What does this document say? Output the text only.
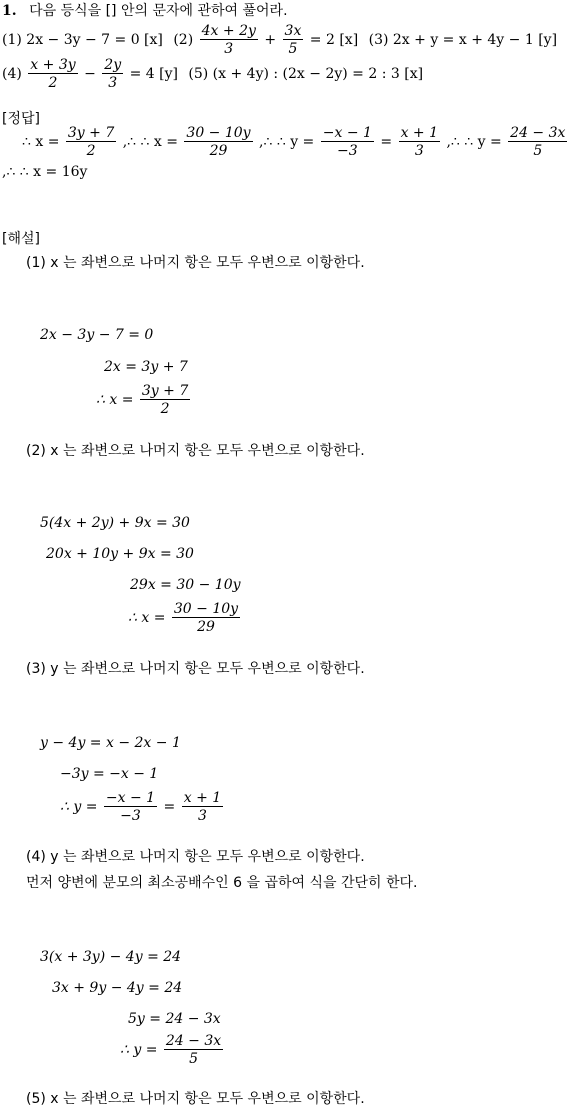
1. 다음 등식을 [] 안의 문자에 관하여 풀어라.
(1) 2x − 3y − 7 = 0 [x] $(2) \frac{4x + 2y}{3} + \frac{3x}{5} = 2$ [x] (3) 2x + y = x + 4y − 1 [y]
$(4) \frac{x + 3y}{2} - \frac{2y}{3} = 4$ [y] (5) (x + 4y) : (2x − 2y) = 2 : 3 [x]
[정답]
∴ $x = \frac{3y + 7}{2}$ ,∴ ∴ $x = \frac{30 - 10y}{29}$ ,∴ ∴ $y = \frac{-x - 1}{-3} = \frac{x + 1}{3}$ ,∴ ∴ $y = \frac{24 - 3x}{5}$
,∴ ∴ x = 16y
[해설]
(1) x 는 좌변으로 나머지 항은 모두 우변으로 이항한다.
2x − 3y − 7 = 0
2x = 3y + 7
∴ $x = \frac{3y + 7}{2}$
(2) x 는 좌변으로 나머지 항은 모두 우변으로 이항한다.
5(4x + 2y) + 9x = 30
20x + 10y + 9x = 30
29x = 30 − 10y
∴ $x = \frac{30 - 10y}{29}$
(3) y 는 좌변으로 나머지 항은 모두 우변으로 이항한다.
y − 4y = x − 2x − 1
−3y = −x − 1
∴ $y = \frac{-x - 1}{-3} = \frac{x + 1}{3}$
(4) y 는 좌변으로 나머지 항은 모두 우변으로 이항한다.
먼저 양변에 분모의 최소공배수인 6 을 곱하여 식을 간단히 한다.
3(x + 3y) − 4y = 24
3x + 9y − 4y = 24
5y = 24 − 3x
∴ $y = \frac{24 - 3x}{5}$
(5) x 는 좌변으로 나머지 항은 모두 우변으로 이항한다.
